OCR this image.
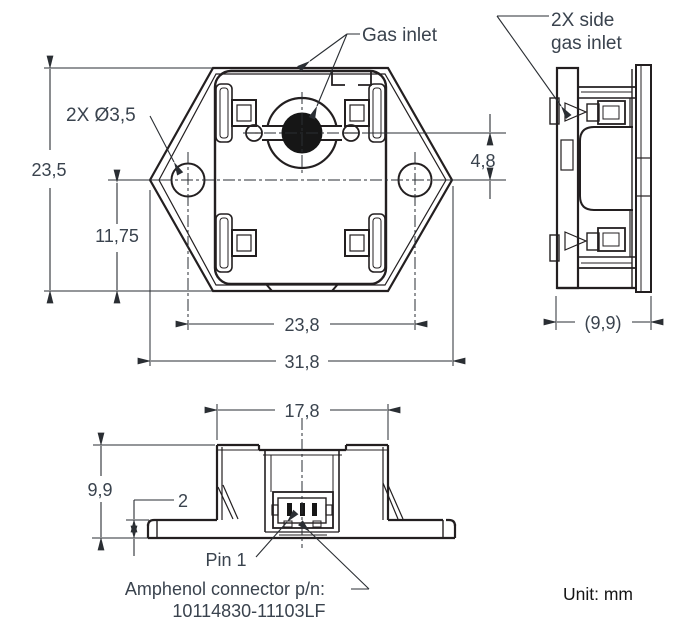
23,5
11,75
4,8
23,8
31,8
2X Ø3,5
Gas inlet
(9,9)
2X side
gas inlet
17,8
9,9
2
Pin 1
Amphenol connector p/n:
10114830-11103LF
Unit: mm
